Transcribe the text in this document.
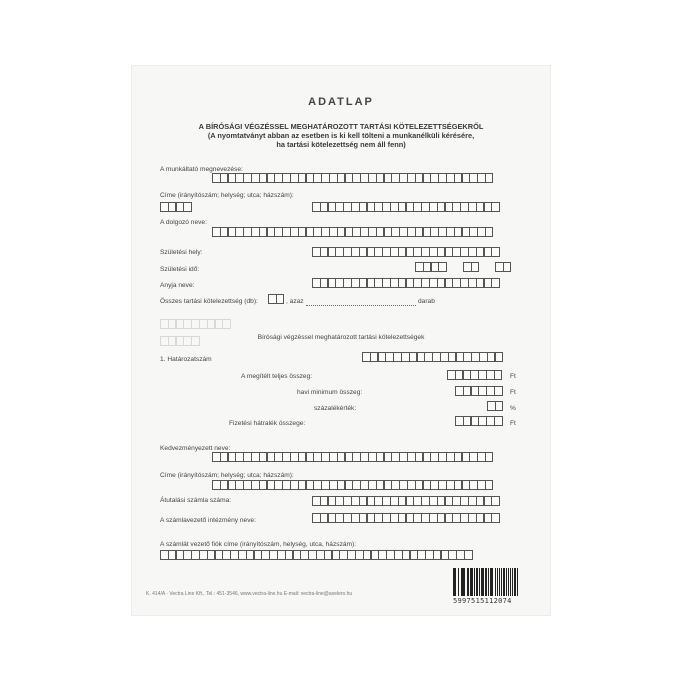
ADATLAP
A BÍRÓSÁGI VÉGZÉSSEL MEGHATÁROZOTT TARTÁSI KÖTELEZETTSÉGEKRŐL
(A nyomtatványt abban az esetben is ki kell tölteni a munkanélküli kérésére,
ha tartási kötelezettség nem áll fenn)
A munkáltató megnevezése:
Címe (irányítószám; helység; utca; házszám):
A dolgozó neve:
Születési hely:
Születési idő:
Anyja neve:
Összes tartási kötelezettség (db):	, azaz	darab
Bírósági végzéssel meghatározott tartási kötelezettségek
1. Határozatszám
A megítélt teljes összeg:	Ft
havi minimum összeg:	Ft
százalékérték:	%
Fizetési hátralék összege:	Ft
Kedvezményezett neve:
Címe (irányítószám; helység; utca; házszám):
Átutalási számla száma:
A számlavezető intézmény neve:
A számlát vezető fiók címe (irányítószám, helység, utca, házszám):
K. 414/A · Vectra Line Kft., Tel.: 451-3546, www.vectra-line.hu E-mail: vectra-line@axelero.hu
5997515112074
